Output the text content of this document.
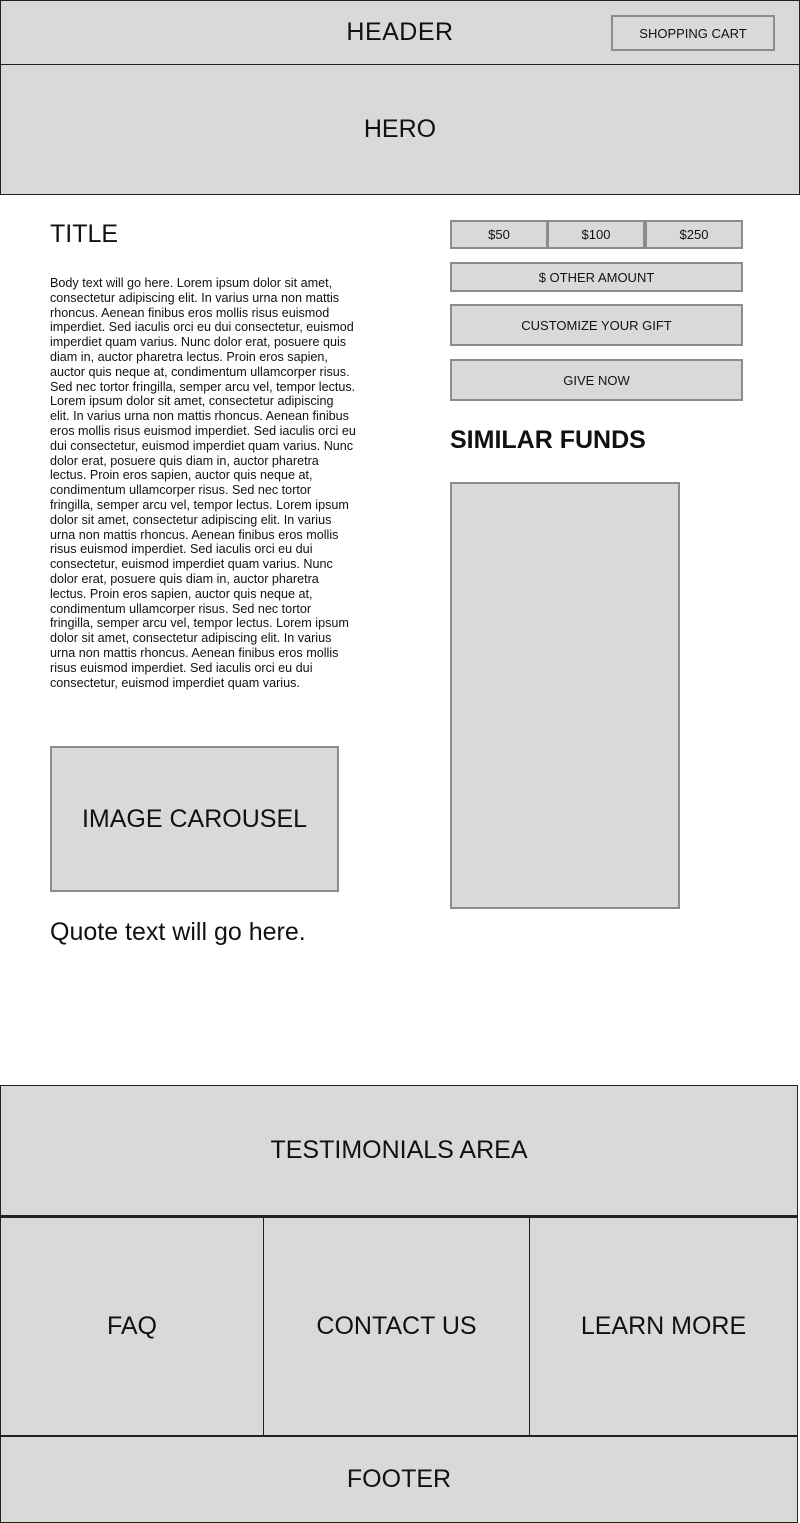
HEADER	SHOPPING CART
HERO
TITLE

Body text will go here. Lorem ipsum dolor sit amet, consectetur adipiscing elit. In varius urna non mattis rhoncus. Aenean finibus eros mollis risus euismod imperdiet. Sed iaculis orci eu dui consectetur, euismod imperdiet quam varius. Nunc dolor erat, posuere quis diam in, auctor pharetra lectus. Proin eros sapien, auctor quis neque at, condimentum ullamcorper risus. Sed nec tortor fringilla, semper arcu vel, tempor lectus. Lorem ipsum dolor sit amet, consectetur adipiscing elit. In varius urna non mattis rhoncus. Aenean finibus eros mollis risus euismod imperdiet. Sed iaculis orci eu dui consectetur, euismod imperdiet quam varius. Nunc dolor erat, posuere quis diam in, auctor pharetra lectus. Proin eros sapien, auctor quis neque at, condimentum ullamcorper risus. Sed nec tortor fringilla, semper arcu vel, tempor lectus. Lorem ipsum dolor sit amet, consectetur adipiscing elit. In varius urna non mattis rhoncus. Aenean finibus eros mollis risus euismod imperdiet. Sed iaculis orci eu dui consectetur, euismod imperdiet quam varius. Nunc dolor erat, posuere quis diam in, auctor pharetra lectus. Proin eros sapien, auctor quis neque at, condimentum ullamcorper risus. Sed nec tortor fringilla, semper arcu vel, tempor lectus. Lorem ipsum dolor sit amet, consectetur adipiscing elit. In varius urna non mattis rhoncus. Aenean finibus eros mollis risus euismod imperdiet. Sed iaculis orci eu dui consectetur, euismod imperdiet quam varius.

IMAGE CAROUSEL
Quote text will go here.
$50	$100	$250
$ OTHER AMOUNT
CUSTOMIZE YOUR GIFT
GIVE NOW
SIMILAR FUNDS
TESTIMONIALS AREA
FAQ	CONTACT US	LEARN MORE
FOOTER
